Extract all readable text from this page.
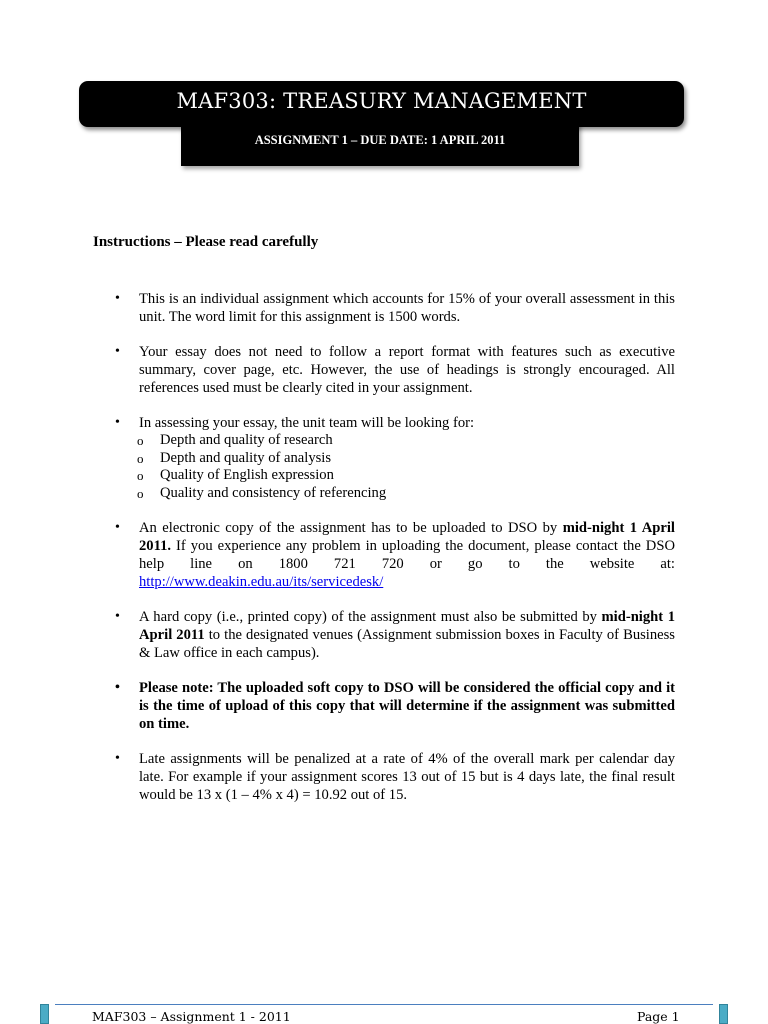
MAF303: TREASURY MANAGEMENT
ASSIGNMENT 1 – DUE DATE: 1 APRIL 2011
Instructions – Please read carefully
• This is an individual assignment which accounts for 15% of your overall assessment in this unit. The word limit for this assignment is 1500 words.
• Your essay does not need to follow a report format with features such as executive summary, cover page, etc. However, the use of headings is strongly encouraged. All references used must be clearly cited in your assignment.
• In assessing your essay, the unit team will be looking for:
o Depth and quality of research
o Depth and quality of analysis
o Quality of English expression
o Quality and consistency of referencing
• An electronic copy of the assignment has to be uploaded to DSO by mid-night 1 April 2011. If you experience any problem in uploading the document, please contact the DSO help line on 1800 721 720 or go to the website at: http://www.deakin.edu.au/its/servicedesk/
• A hard copy (i.e., printed copy) of the assignment must also be submitted by mid-night 1 April 2011 to the designated venues (Assignment submission boxes in Faculty of Business & Law office in each campus).
• Please note: The uploaded soft copy to DSO will be considered the official copy and it is the time of upload of this copy that will determine if the assignment was submitted on time.
• Late assignments will be penalized at a rate of 4% of the overall mark per calendar day late. For example if your assignment scores 13 out of 15 but is 4 days late, the final result would be 13 x (1 – 4% x 4) = 10.92 out of 15.
MAF303 – Assignment 1 - 2011	Page 1
